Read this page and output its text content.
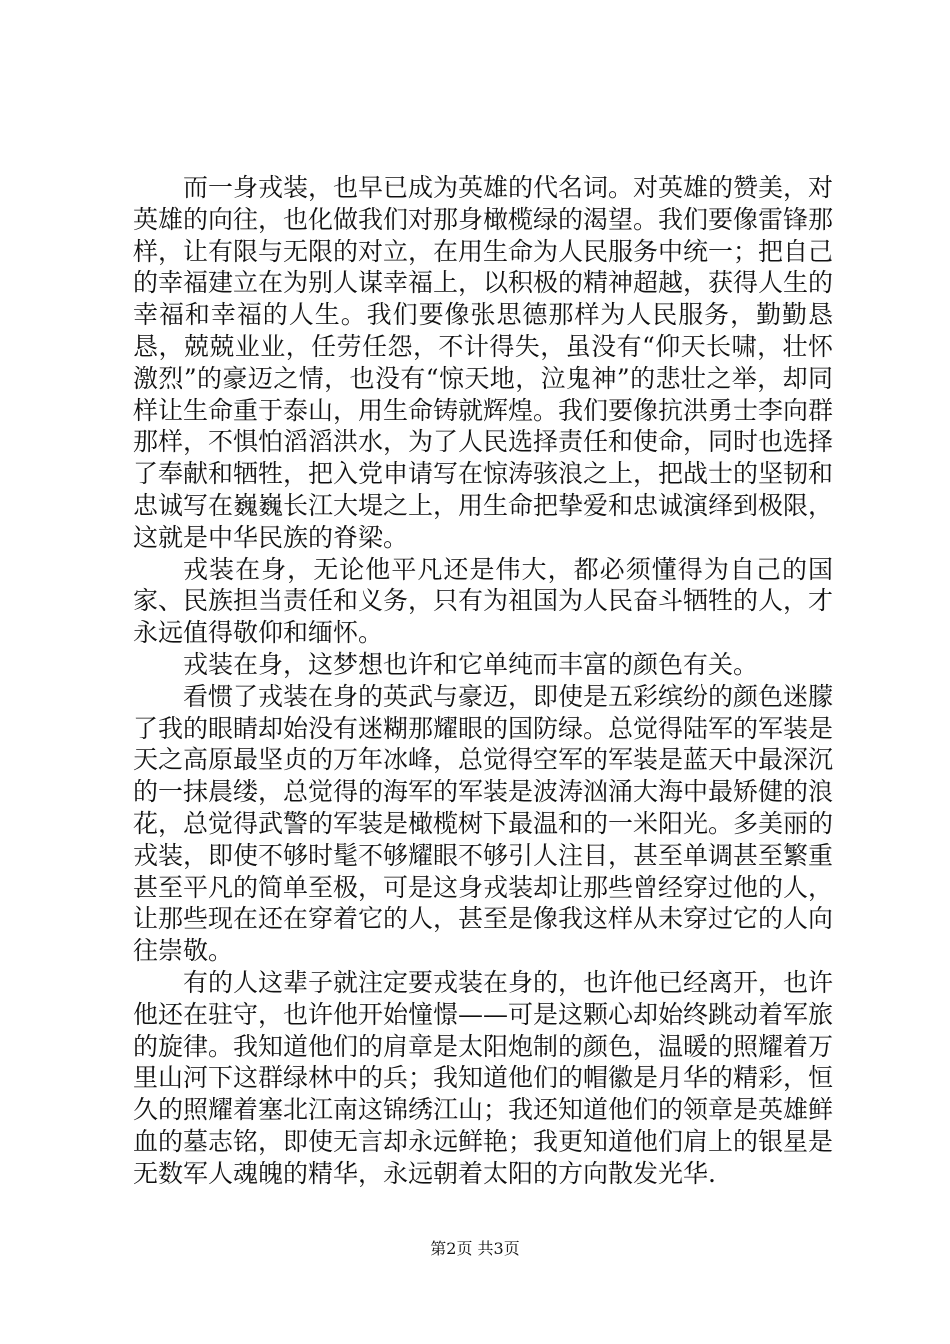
而一身戎装，也早已成为英雄的代名词。对英雄的赞美，对英雄的向往，也化做我们对那身橄榄绿的渴望。我们要像雷锋那样，让有限与无限的对立，在用生命为人民服务中统一；把自己的幸福建立在为别人谋幸福上，以积极的精神超越，获得人生的幸福和幸福的人生。我们要像张思德那样为人民服务，勤勤恳恳，兢兢业业，任劳任怨，不计得失，虽没有“仰天长啸，壮怀激烈”的豪迈之情，也没有“惊天地，泣鬼神”的悲壮之举，却同样让生命重于泰山，用生命铸就辉煌。我们要像抗洪勇士李向群那样，不惧怕滔滔洪水，为了人民选择责任和使命，同时也选择了奉献和牺牲，把入党申请写在惊涛骇浪之上，把战士的坚韧和忠诚写在巍巍长江大堤之上，用生命把挚爱和忠诚演绎到极限，这就是中华民族的脊梁。

戎装在身，无论他平凡还是伟大，都必须懂得为自己的国家、民族担当责任和义务，只有为祖国为人民奋斗牺牲的人，才永远值得敬仰和缅怀。

戎装在身，这梦想也许和它单纯而丰富的颜色有关。

看惯了戎装在身的英武与豪迈，即使是五彩缤纷的颜色迷朦了我的眼睛却始没有迷糊那耀眼的国防绿。总觉得陆军的军装是天之高原最坚贞的万年冰峰，总觉得空军的军装是蓝天中最深沉的一抹晨缕，总觉得的海军的军装是波涛汹涌大海中最矫健的浪花，总觉得武警的军装是橄榄树下最温和的一米阳光。多美丽的戎装，即使不够时髦不够耀眼不够引人注目，甚至单调甚至繁重甚至平凡的简单至极，可是这身戎装却让那些曾经穿过他的人，让那些现在还在穿着它的人，甚至是像我这样从未穿过它的人向往崇敬。

有的人这辈子就注定要戎装在身的，也许他已经离开，也许他还在驻守，也许他开始憧憬——可是这颗心却始终跳动着军旅的旋律。我知道他们的肩章是太阳炮制的颜色，温暖的照耀着万里山河下这群绿林中的兵；我知道他们的帽徽是月华的精彩，恒久的照耀着塞北江南这锦绣江山；我还知道他们的领章是英雄鲜血的墓志铭，即使无言却永远鲜艳；我更知道他们肩上的银星是无数军人魂魄的精华，永远朝着太阳的方向散发光华.

第2页 共3页
